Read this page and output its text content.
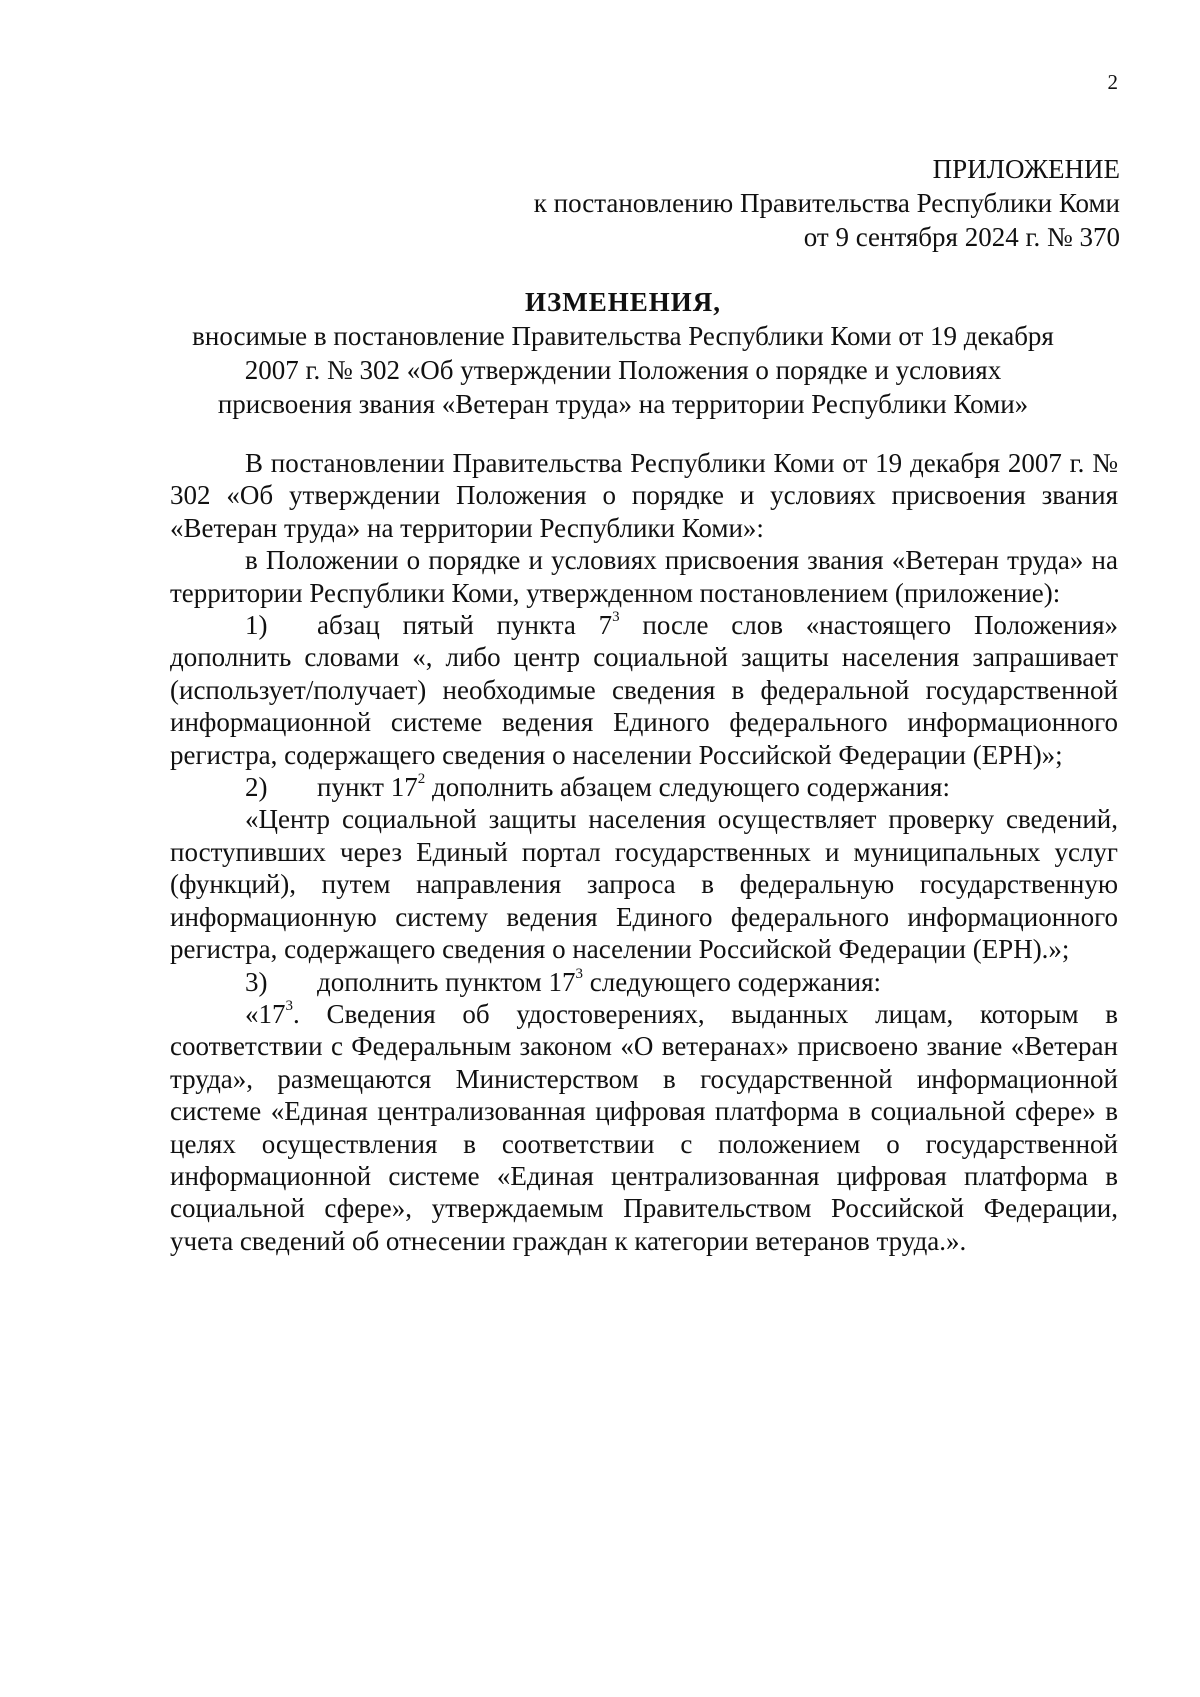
2
ПРИЛОЖЕНИЕ
к постановлению Правительства Республики Коми
от 9 сентября 2024 г. № 370
ИЗМЕНЕНИЯ,
вносимые в постановление Правительства Республики Коми от 19 декабря
2007 г. № 302 «Об утверждении Положения о порядке и условиях
присвоения звания «Ветеран труда» на территории Республики Коми»

В постановлении Правительства Республики Коми от 19 декабря 2007 г. № 302 «Об утверждении Положения о порядке и условиях присвоения звания «Ветеран труда» на территории Республики Коми»:

в Положении о порядке и условиях присвоения звания «Ветеран труда» на территории Республики Коми, утвержденном постановлением (приложение):

1) абзац пятый пункта $7^3$ после слов «настоящего Положения» дополнить словами «, либо центр социальной защиты населения запрашивает (использует/получает) необходимые сведения в федеральной государственной информационной системе ведения Единого федерального информационного регистра, содержащего сведения о населении Российской Федерации (ЕРН)»;

2) пункт $17^2$ дополнить абзацем следующего содержания:

«Центр социальной защиты населения осуществляет проверку сведений, поступивших через Единый портал государственных и муниципальных услуг (функций), путем направления запроса в федеральную государственную информационную систему ведения Единого федерального информационного регистра, содержащего сведения о населении Российской Федерации (ЕРН).»;

3) дополнить пунктом $17^3$ следующего содержания:

«$17^3$. Сведения об удостоверениях, выданных лицам, которым в соответствии с Федеральным законом «О ветеранах» присвоено звание «Ветеран труда», размещаются Министерством в государственной информационной системе «Единая централизованная цифровая платформа в социальной сфере» в целях осуществления в соответствии с положением о государственной информационной системе «Единая централизованная цифровая платформа в социальной сфере», утверждаемым Правительством Российской Федерации, учета сведений об отнесении граждан к категории ветеранов труда.».
